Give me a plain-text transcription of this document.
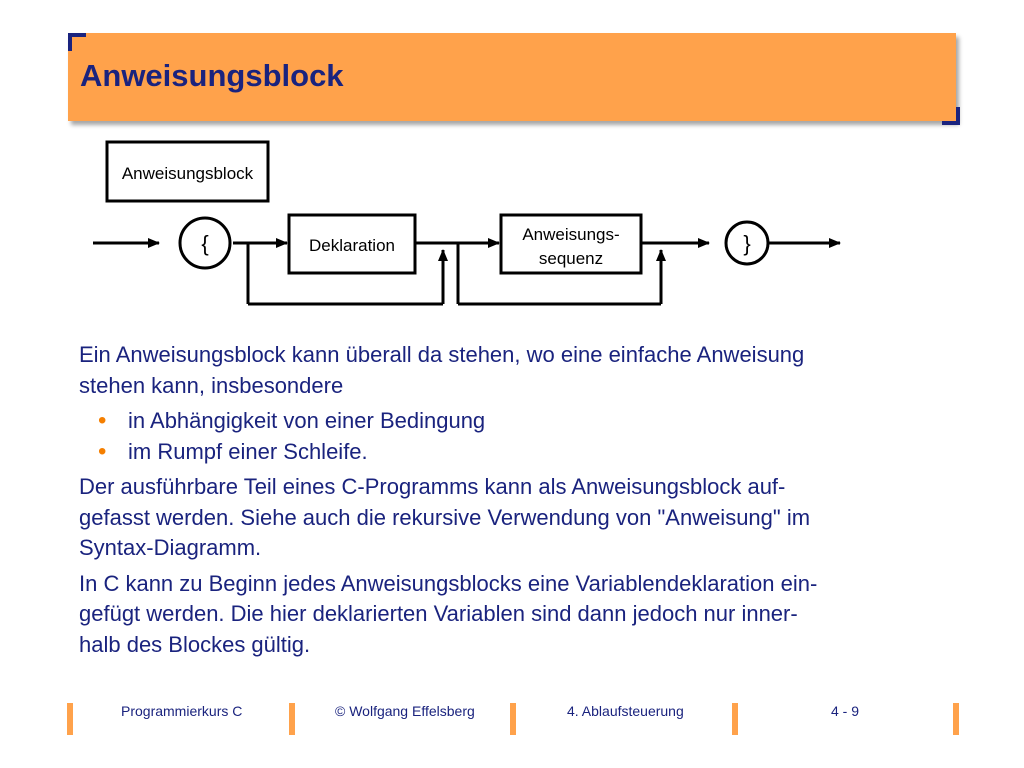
Anweisungsblock
Anweisungsblock
{	Deklaration
Anweisungs-
sequenz
}
Ein Anweisungsblock kann überall da stehen, wo eine einfache Anweisung
stehen kann, insbesondere
• in Abhängigkeit von einer Bedingung
• im Rumpf einer Schleife.
Der ausführbare Teil eines C-Programms kann als Anweisungsblock auf-
gefasst werden. Siehe auch die rekursive Verwendung von "Anweisung" im
Syntax-Diagramm.
In C kann zu Beginn jedes Anweisungsblocks eine Variablendeklaration ein-
gefügt werden. Die hier deklarierten Variablen sind dann jedoch nur inner-
halb des Blockes gültig.
Programmierkurs C	© Wolfgang Effelsberg	4. Ablaufsteuerung	4 - 9
